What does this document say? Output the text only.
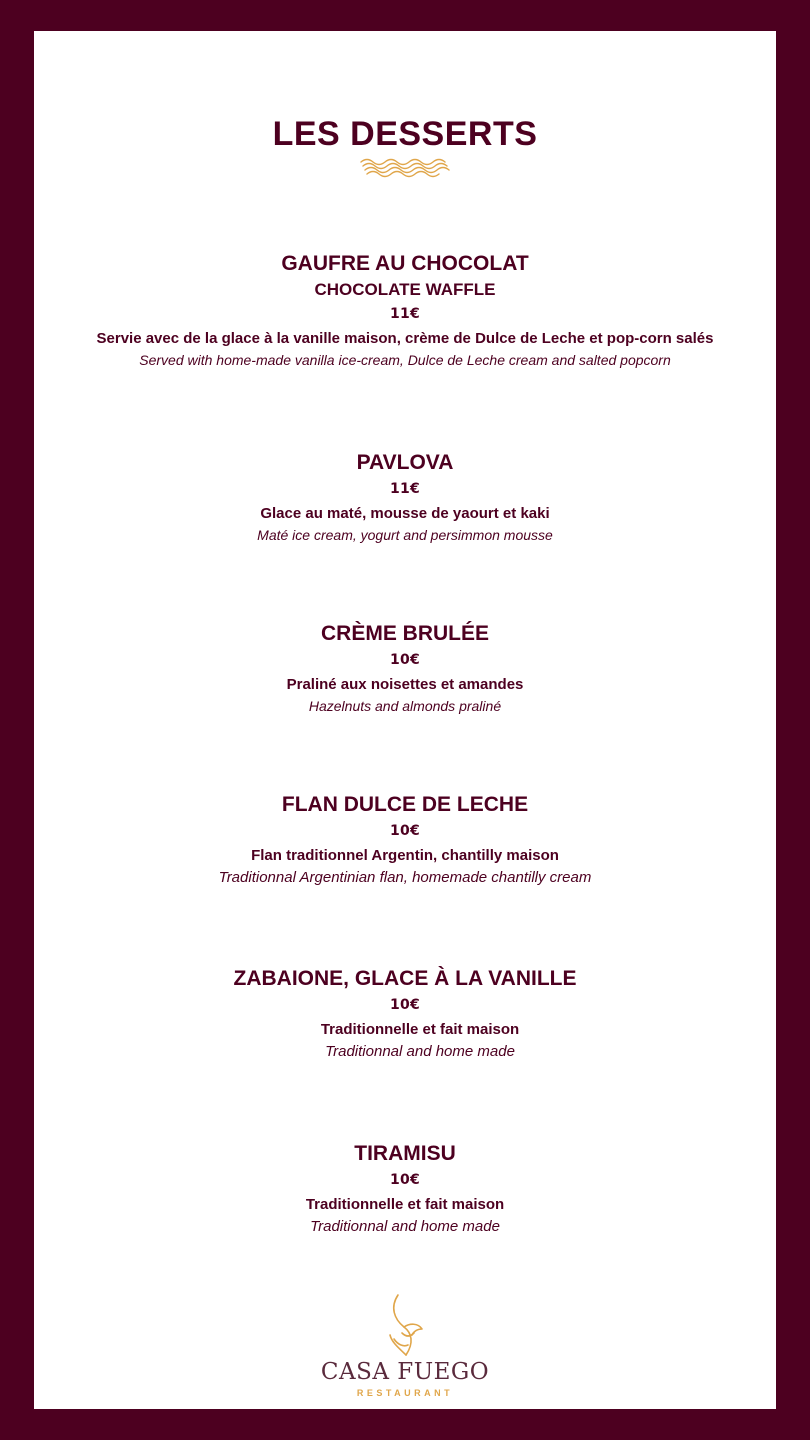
LES DESSERTS
GAUFRE AU CHOCOLAT
CHOCOLATE WAFFLE
11€
Servie avec de la glace à la vanille maison, crème de Dulce de Leche et pop-corn salés
Served with home-made vanilla ice-cream, Dulce de Leche cream and salted popcorn
PAVLOVA
11€
Glace au maté, mousse de yaourt et kaki
Maté ice cream, yogurt and persimmon mousse
CRÈME BRULÉE
10€
Praliné aux noisettes et amandes
Hazelnuts and almonds praliné
FLAN DULCE DE LECHE
10€
Flan traditionnel Argentin, chantilly maison
Traditionnal Argentinian flan, homemade chantilly cream
ZABAIONE, GLACE À LA VANILLE
10€
Traditionnelle et fait maison
Traditionnal and home made
TIRAMISU
10€
Traditionnelle et fait maison
Traditionnal and home made
CASA FUEGO
RESTAURANT
